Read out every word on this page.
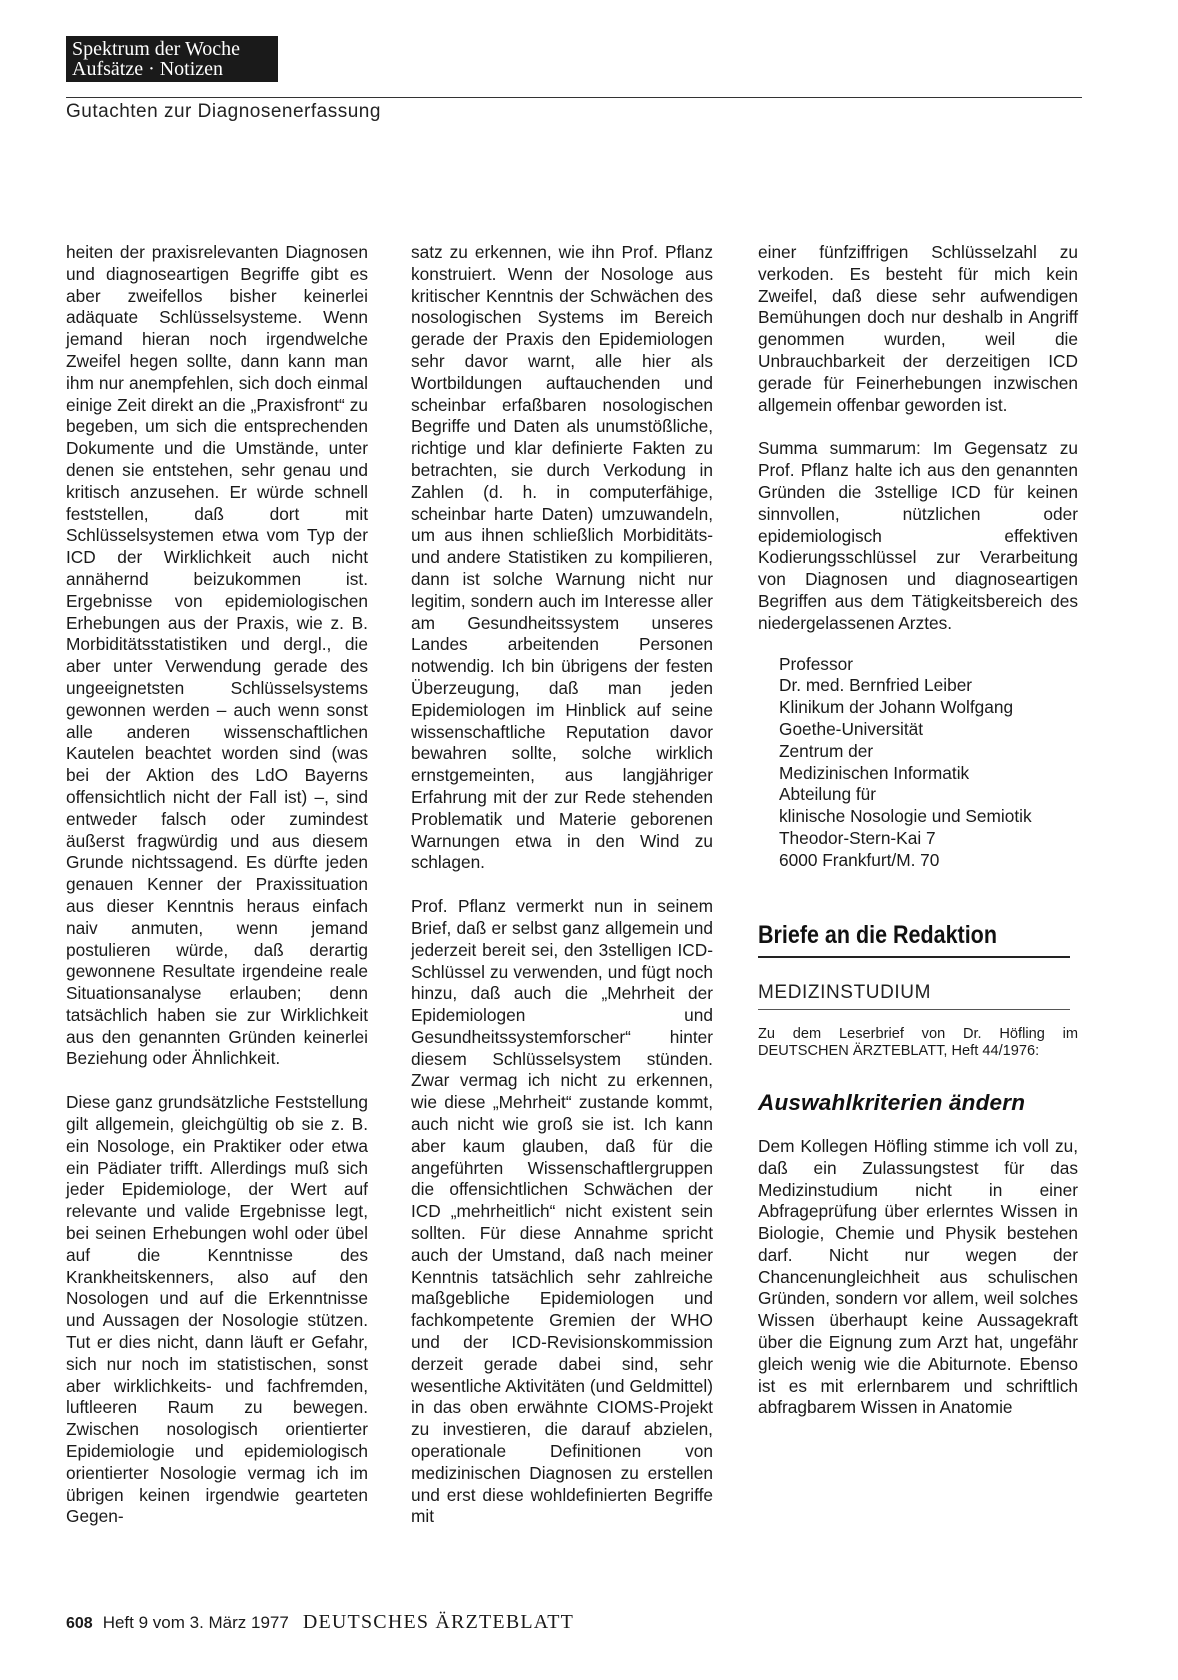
Spektrum der Woche
Aufsätze · Notizen
Gutachten zur Diagnosenerfassung

heiten der praxisrelevanten Diagnosen und diagnoseartigen Begriffe gibt es aber zweifellos bisher keinerlei adäquate Schlüsselsysteme. Wenn jemand hieran noch irgendwelche Zweifel hegen sollte, dann kann man ihm nur anempfehlen, sich doch einmal einige Zeit direkt an die „Praxisfront“ zu begeben, um sich die entsprechenden Dokumente und die Umstände, unter denen sie entstehen, sehr genau und kritisch anzusehen. Er würde schnell feststellen, daß dort mit Schlüsselsystemen etwa vom Typ der ICD der Wirklichkeit auch nicht annähernd beizukommen ist. Ergebnisse von epidemiologischen Erhebungen aus der Praxis, wie z. B. Morbiditätsstatistiken und dergl., die aber unter Verwendung gerade des ungeeignetsten Schlüsselsystems gewonnen werden – auch wenn sonst alle anderen wissenschaftlichen Kautelen beachtet worden sind (was bei der Aktion des LdO Bayerns offensichtlich nicht der Fall ist) –, sind entweder falsch oder zumindest äußerst fragwürdig und aus diesem Grunde nichtssagend. Es dürfte jeden genauen Kenner der Praxissituation aus dieser Kenntnis heraus einfach naiv anmuten, wenn jemand postulieren würde, daß derartig gewonnene Resultate irgendeine reale Situationsanalyse erlauben; denn tatsächlich haben sie zur Wirklichkeit aus den genannten Gründen keinerlei Beziehung oder Ähnlichkeit.

Diese ganz grundsätzliche Feststellung gilt allgemein, gleichgültig ob sie z. B. ein Nosologe, ein Praktiker oder etwa ein Pädiater trifft. Allerdings muß sich jeder Epidemiologe, der Wert auf relevante und valide Ergebnisse legt, bei seinen Erhebungen wohl oder übel auf die Kenntnisse des Krankheitskenners, also auf den Nosologen und auf die Erkenntnisse und Aussagen der Nosologie stützen. Tut er dies nicht, dann läuft er Gefahr, sich nur noch im statistischen, sonst aber wirklichkeits- und fachfremden, luftleeren Raum zu bewegen. Zwischen nosologisch orientierter Epidemiologie und epidemiologisch orientierter Nosologie vermag ich im übrigen keinen irgendwie gearteten Gegen-

satz zu erkennen, wie ihn Prof. Pflanz konstruiert. Wenn der Nosologe aus kritischer Kenntnis der Schwächen des nosologischen Systems im Bereich gerade der Praxis den Epidemiologen sehr davor warnt, alle hier als Wortbildungen auftauchenden und scheinbar erfaßbaren nosologischen Begriffe und Daten als unumstößliche, richtige und klar definierte Fakten zu betrachten, sie durch Verkodung in Zahlen (d. h. in computerfähige, scheinbar harte Daten) umzuwandeln, um aus ihnen schließlich Morbiditäts- und andere Statistiken zu kompilieren, dann ist solche Warnung nicht nur legitim, sondern auch im Interesse aller am Gesundheitssystem unseres Landes arbeitenden Personen notwendig. Ich bin übrigens der festen Überzeugung, daß man jeden Epidemiologen im Hinblick auf seine wissenschaftliche Reputation davor bewahren sollte, solche wirklich ernstgemeinten, aus langjähriger Erfahrung mit der zur Rede stehenden Problematik und Materie geborenen Warnungen etwa in den Wind zu schlagen.

Prof. Pflanz vermerkt nun in seinem Brief, daß er selbst ganz allgemein und jederzeit bereit sei, den 3stelligen ICD-Schlüssel zu verwenden, und fügt noch hinzu, daß auch die „Mehrheit der Epidemiologen und Gesundheitssystemforscher“ hinter diesem Schlüsselsystem stünden. Zwar vermag ich nicht zu erkennen, wie diese „Mehrheit“ zustande kommt, auch nicht wie groß sie ist. Ich kann aber kaum glauben, daß für die angeführten Wissenschaftlergruppen die offensichtlichen Schwächen der ICD „mehrheitlich“ nicht existent sein sollten. Für diese Annahme spricht auch der Umstand, daß nach meiner Kenntnis tatsächlich sehr zahlreiche maßgebliche Epidemiologen und fachkompetente Gremien der WHO und der ICD-Revisionskommission derzeit gerade dabei sind, sehr wesentliche Aktivitäten (und Geldmittel) in das oben erwähnte CIOMS-Projekt zu investieren, die darauf abzielen, operationale Definitionen von medizinischen Diagnosen zu erstellen und erst diese wohldefinierten Begriffe mit

einer fünfziffrigen Schlüsselzahl zu verkoden. Es besteht für mich kein Zweifel, daß diese sehr aufwendigen Bemühungen doch nur deshalb in Angriff genommen wurden, weil die Unbrauchbarkeit der derzeitigen ICD gerade für Feinerhebungen inzwischen allgemein offenbar geworden ist.

Summa summarum: Im Gegensatz zu Prof. Pflanz halte ich aus den genannten Gründen die 3stellige ICD für keinen sinnvollen, nützlichen oder epidemiologisch effektiven Kodierungsschlüssel zur Verarbeitung von Diagnosen und diagnoseartigen Begriffen aus dem Tätigkeitsbereich des niedergelassenen Arztes.

Professor
Dr. med. Bernfried Leiber
Klinikum der Johann Wolfgang
Goethe-Universität
Zentrum der
Medizinischen Informatik
Abteilung für
klinische Nosologie und Semiotik
Theodor-Stern-Kai 7
6000 Frankfurt/M. 70
Briefe an die Redaktion
MEDIZINSTUDIUM
Zu dem Leserbrief von Dr. Höfling im DEUTSCHEN ÄRZTEBLATT, Heft 44/1976:
Auswahlkriterien ändern

Dem Kollegen Höfling stimme ich voll zu, daß ein Zulassungstest für das Medizinstudium nicht in einer Abfrageprüfung über erlerntes Wissen in Biologie, Chemie und Physik bestehen darf. Nicht nur wegen der Chancenungleichheit aus schulischen Gründen, sondern vor allem, weil solches Wissen überhaupt keine Aussagekraft über die Eignung zum Arzt hat, ungefähr gleich wenig wie die Abiturnote. Ebenso ist es mit erlernbarem und schriftlich abfragbarem Wissen in Anatomie

608 Heft 9 vom 3. März 1977 DEUTSCHES ÄRZTEBLATT
